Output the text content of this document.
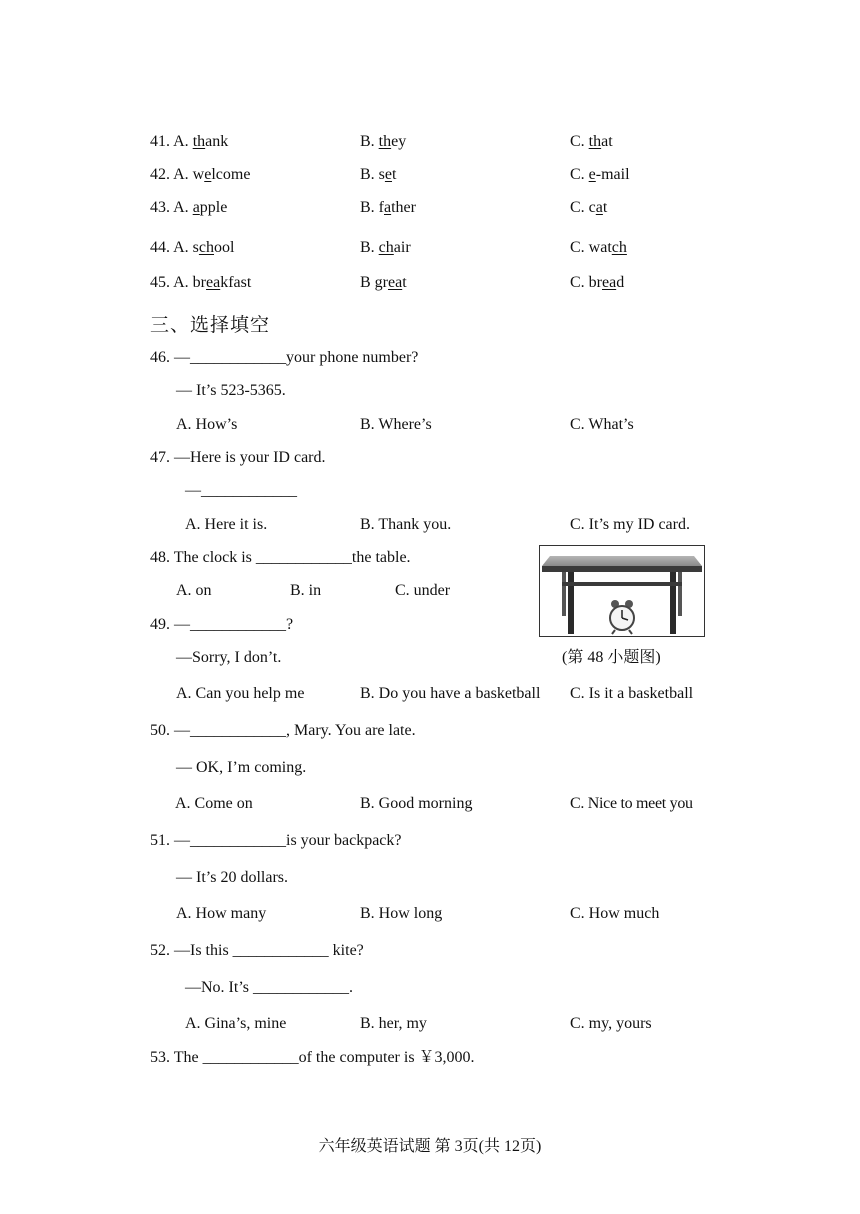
41. A. thank	B. they	C. that
42. A. welcome	B. set	C. e-mail
43. A. apple	B. father	C. cat
44. A. school	B. chair	C. watch
45. A. breakfast	B great	C. bread
三、选择填空
46. —____________your phone number?
— It’s 523-5365.
A. How’s	B. Where’s	C. What’s
47. —Here is your ID card.
—____________
A. Here it is.	B. Thank you.	C. It’s my ID card.
48. The clock is ____________the table.
A. on	B. in	C. under
(第 48 小题图)
49. —____________?
—Sorry, I don’t.
A. Can you help me	B. Do you have a basketball C. Is it a basketball
50. —____________, Mary. You are late.
— OK, I’m coming.
A. Come on	B. Good morning	C. Nice to meet you
51. —____________is your backpack?
— It’s 20 dollars.
A. How many	B. How long	C. How much
52. —Is this ____________ kite?
—No. It’s ____________.
A. Gina’s, mine	B. her, my	C. my, yours
53. The ____________of the computer is ￥3,000.
六年级英语试题 第 3页(共 12页)
